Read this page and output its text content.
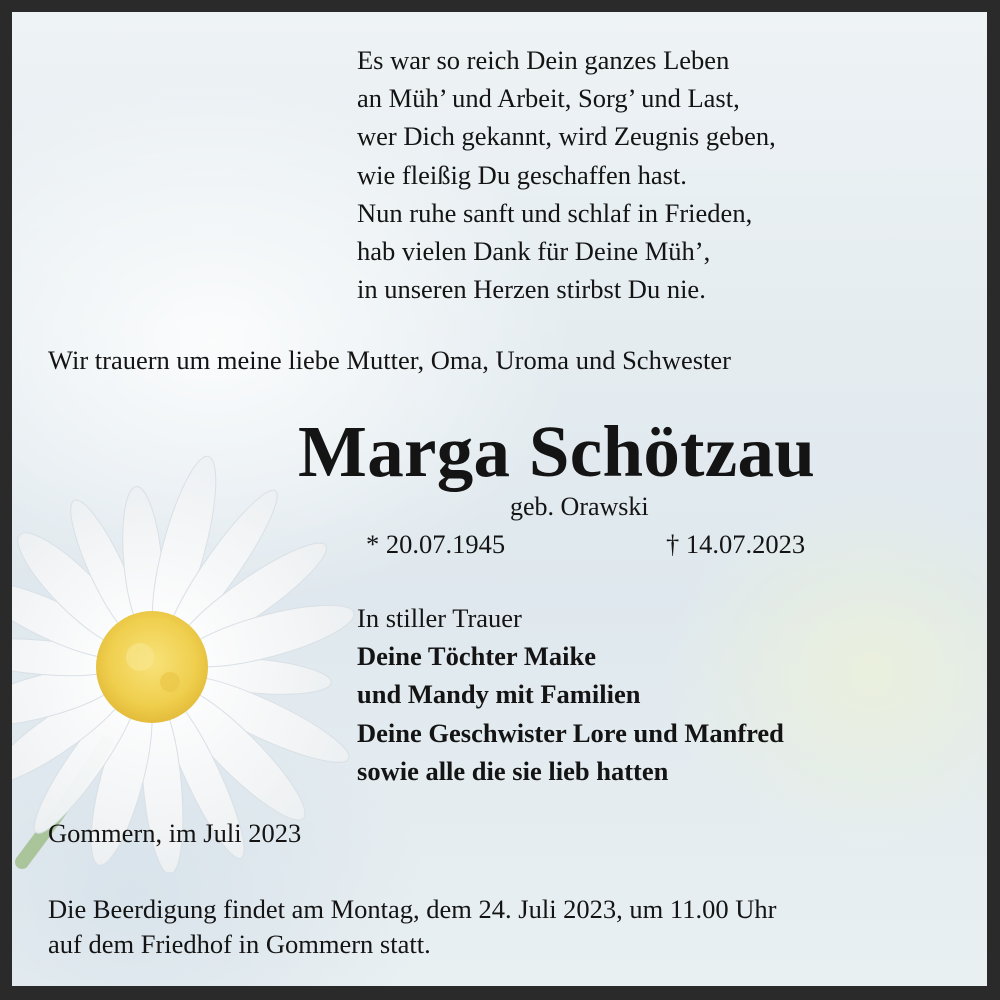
Es war so reich Dein ganzes Leben
an Müh’ und Arbeit, Sorg’ und Last,
wer Dich gekannt, wird Zeugnis geben,
wie fleißig Du geschaffen hast.
Nun ruhe sanft und schlaf in Frieden,
hab vielen Dank für Deine Müh’,
in unseren Herzen stirbst Du nie.
Wir trauern um meine liebe Mutter, Oma, Uroma und Schwester
Marga Schötzau
geb. Orawski
* 20.07.1945	† 14.07.2023
In stiller Trauer
Deine Töchter Maike
und Mandy mit Familien
Deine Geschwister Lore und Manfred
sowie alle die sie lieb hatten
Gommern, im Juli 2023
Die Beerdigung findet am Montag, dem 24. Juli 2023, um 11.00 Uhr
auf dem Friedhof in Gommern statt.
